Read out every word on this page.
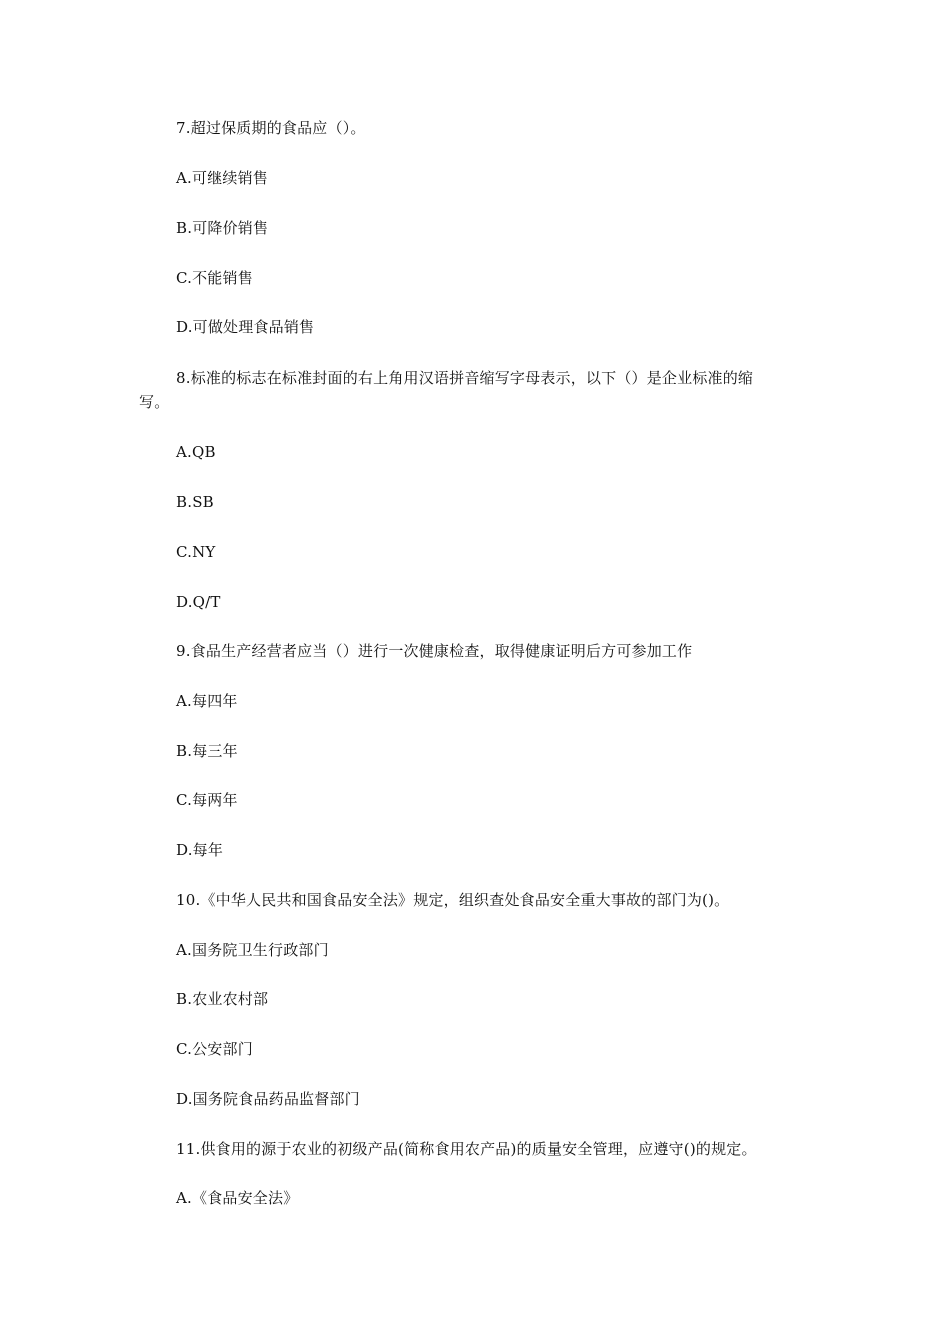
7.超过保质期的食品应（）。
A.可继续销售
B.可降价销售
C.不能销售
D.可做处理食品销售
8.标准的标志在标准封面的右上角用汉语拼音缩写字母表示，以下（）是企业标准的缩
写。
A.QB
B.SB
C.NY
D.Q/T
9.食品生产经营者应当（）进行一次健康检查，取得健康证明后方可参加工作
A.每四年
B.每三年
C.每两年
D.每年
10.《中华人民共和国食品安全法》规定，组织查处食品安全重大事故的部门为()。
A.国务院卫生行政部门
B.农业农村部
C.公安部门
D.国务院食品药品监督部门
11.供食用的源于农业的初级产品(简称食用农产品)的质量安全管理，应遵守()的规定。
A.《食品安全法》
